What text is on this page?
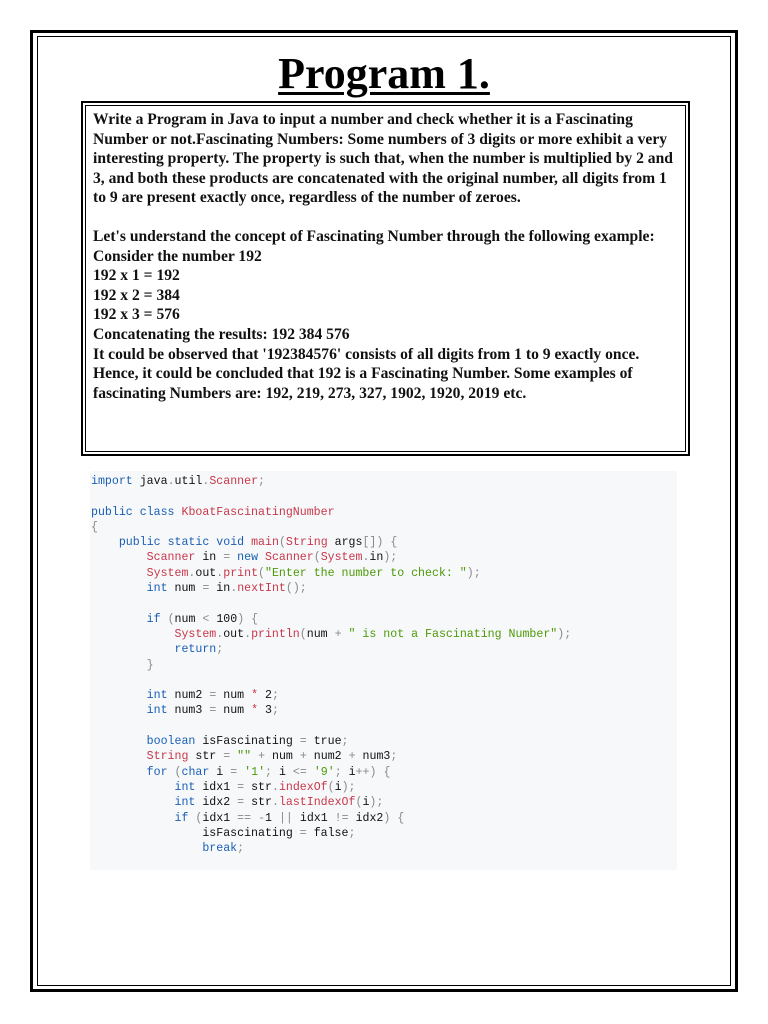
Program 1.

Write a Program in Java to input a number and check whether it is a Fascinating Number or not.Fascinating Numbers: Some numbers of 3 digits or more exhibit a very interesting property. The property is such that, when the number is multiplied by 2 and 3, and both these products are concatenated with the original number, all digits from 1 to 9 are present exactly once, regardless of the number of zeroes.

Let's understand the concept of Fascinating Number through the following example:

Consider the number 192

192 x 1 = 192

192 x 2 = 384

192 x 3 = 576

Concatenating the results: 192 384 576

It could be observed that '192384576' consists of all digits from 1 to 9 exactly once. Hence, it could be concluded that 192 is a Fascinating Number. Some examples of fascinating Numbers are: 192, 219, 273, 327, 1902, 1920, 2019 etc.

import java.util.Scanner;

public class KboatFascinatingNumber
{
public static void main(String args[]) {
Scanner in = new Scanner(System.in);
System.out.print("Enter the number to check: ");
int num = in.nextInt();

if (num < 100) {
System.out.println(num + " is not a Fascinating Number");
return;
}

int num2 = num * 2;
int num3 = num * 3;

boolean isFascinating = true;
String str = "" + num + num2 + num3;
for (char i = '1'; i <= '9'; i++) {
int idx1 = str.indexOf(i);
int idx2 = str.lastIndexOf(i);
if (idx1 == -1 || idx1 != idx2) {
isFascinating = false;
break;
